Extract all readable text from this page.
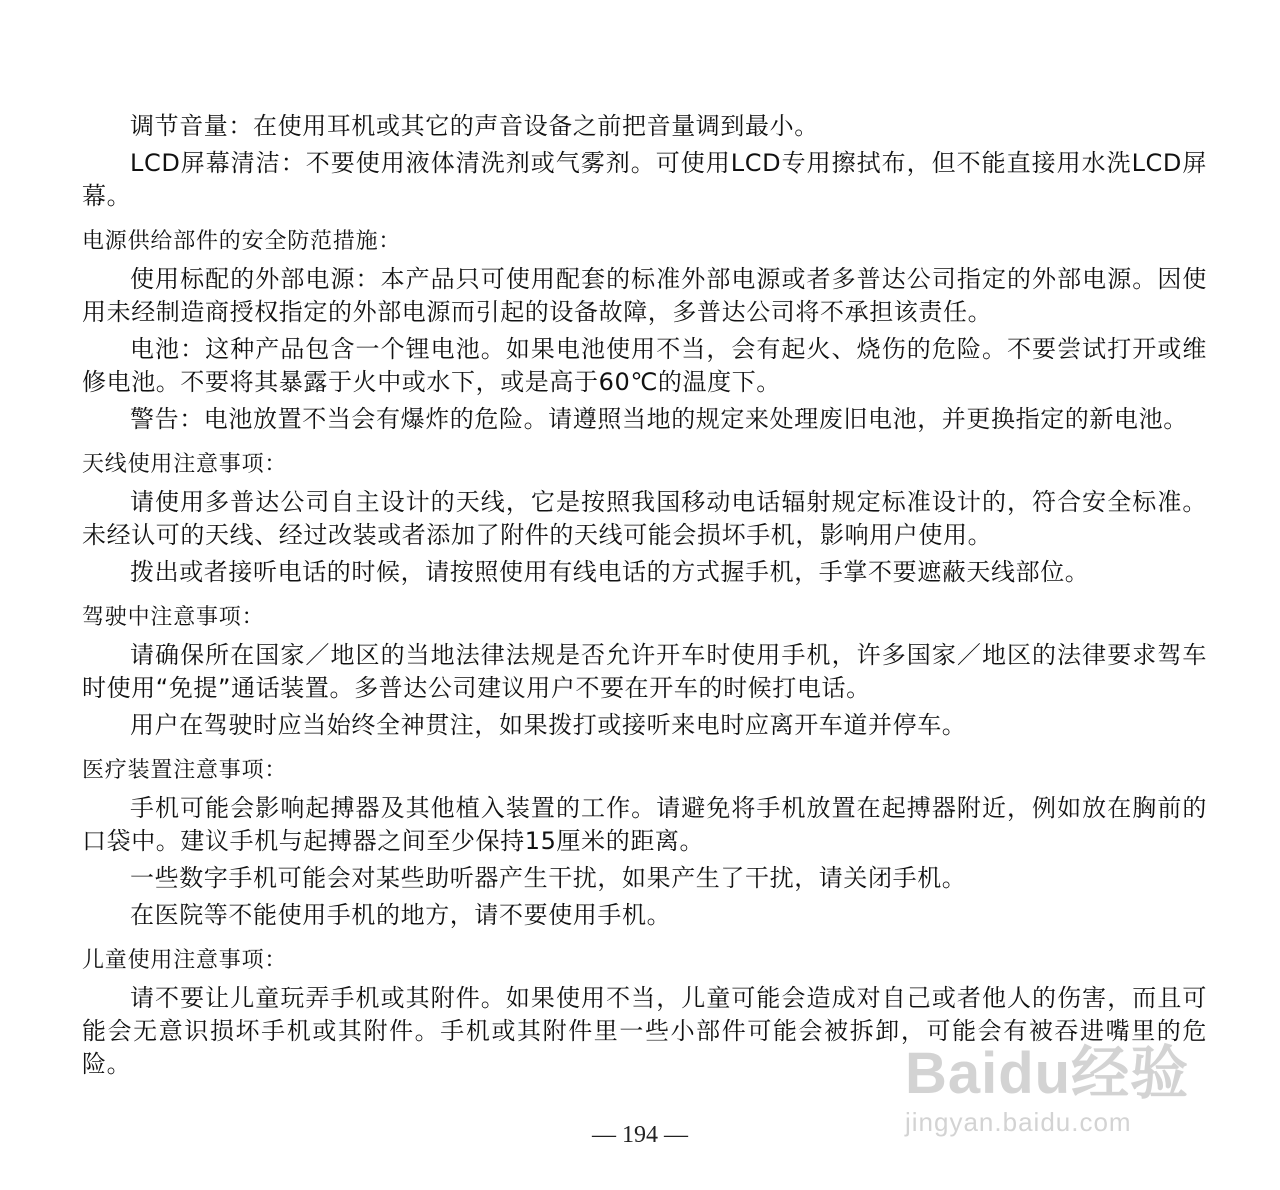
调节音量：在使用耳机或其它的声音设备之前把音量调到最小。

LCD屏幕清洁：不要使用液体清洗剂或气雾剂。可使用LCD专用擦拭布，但不能直接用水洗LCD屏幕。

电源供给部件的安全防范措施：

使用标配的外部电源：本产品只可使用配套的标准外部电源或者多普达公司指定的外部电源。因使用未经制造商授权指定的外部电源而引起的设备故障，多普达公司将不承担该责任。

电池：这种产品包含一个锂电池。如果电池使用不当，会有起火、烧伤的危险。不要尝试打开或维修电池。不要将其暴露于火中或水下，或是高于60℃的温度下。

警告：电池放置不当会有爆炸的危险。请遵照当地的规定来处理废旧电池，并更换指定的新电池。

天线使用注意事项：

请使用多普达公司自主设计的天线，它是按照我国移动电话辐射规定标准设计的，符合安全标准。未经认可的天线、经过改装或者添加了附件的天线可能会损坏手机，影响用户使用。

拨出或者接听电话的时候，请按照使用有线电话的方式握手机，手掌不要遮蔽天线部位。

驾驶中注意事项：

请确保所在国家／地区的当地法律法规是否允许开车时使用手机，许多国家／地区的法律要求驾车时使用“免提”通话装置。多普达公司建议用户不要在开车的时候打电话。

用户在驾驶时应当始终全神贯注，如果拨打或接听来电时应离开车道并停车。

医疗装置注意事项：

手机可能会影响起搏器及其他植入装置的工作。请避免将手机放置在起搏器附近，例如放在胸前的口袋中。建议手机与起搏器之间至少保持15厘米的距离。

一些数字手机可能会对某些助听器产生干扰，如果产生了干扰，请关闭手机。

在医院等不能使用手机的地方，请不要使用手机。

儿童使用注意事项：

请不要让儿童玩弄手机或其附件。如果使用不当，儿童可能会造成对自己或者他人的伤害，而且可能会无意识损坏手机或其附件。手机或其附件里一些小部件可能会被拆卸，可能会有被吞进嘴里的危险。

— 194 —
Baidu经验
jingyan.baidu.com
